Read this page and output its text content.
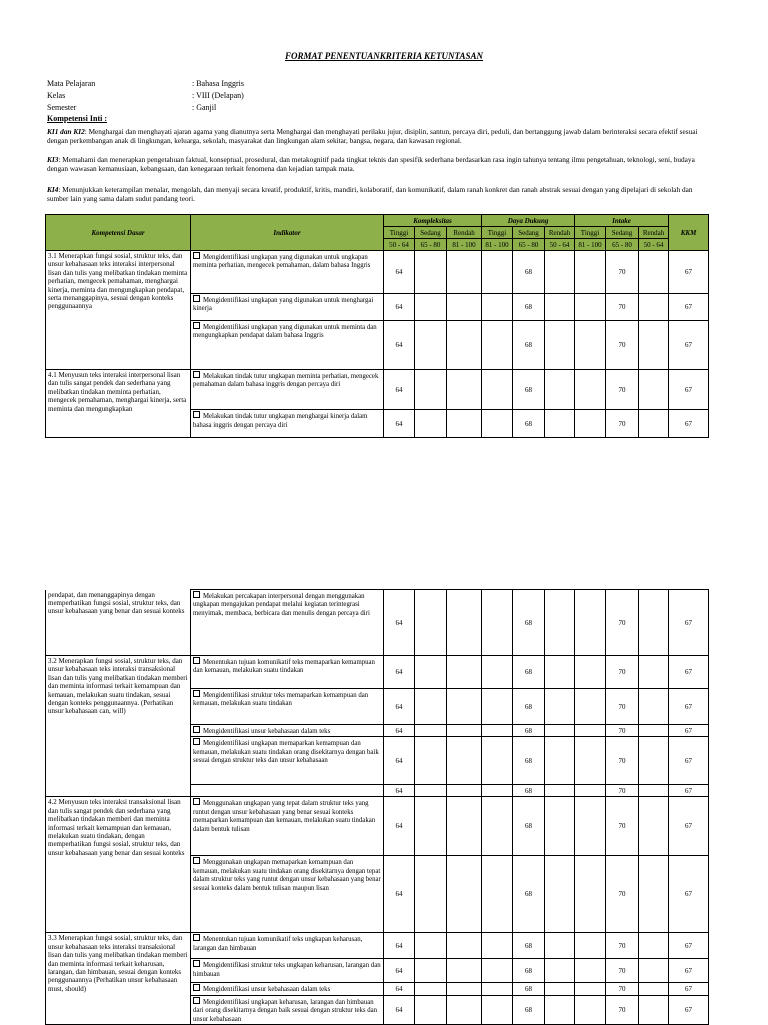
FORMAT PENENTUANKRITERIA KETUNTASAN
Mata Pelajaran	: Bahasa Inggris
Kelas	: VIII (Delapan)
Semester	: Ganjil
Kompetensi Inti :
KI1 dan KI2: Menghargai dan menghayati ajaran agama yang dianutnya serta Menghargai dan menghayati perilaku jujur, disiplin, santun, percaya diri, peduli, dan bertanggung jawab dalam berinteraksi secara efektif sesuai dengan perkembangan anak di lingkungan, keluarga, sekolah, masyarakat dan lingkungan alam sekitar, bangsa, negara, dan kawasan regional.
KI3: Memahami dan menerapkan pengetahuan faktual, konseptual, prosedural, dan metakognitif pada tingkat teknis dan spesifik sederhana berdasarkan rasa ingin tahunya tentang ilmu pengetahuan, teknologi, seni, budaya dengan wawasan kemanusiaan, kebangsaan, dan kenegaraan terkait fenomena dan kejadian tampak mata.
KI4: Menunjukkan keterampilan menalar, mengolah, dan menyaji secara kreatif, produktif, kritis, mandiri, kolaboratif, dan komunikatif, dalam ranah konkret dan ranah abstrak sesuai dengan yang dipelajari di sekolah dan sumber lain yang sama dalam sudut pandang teori.
Kompetensi Dasar	Indikator	Kompleksitas			Daya Dukung			Intake			KKM
		Tinggi	Sedang	Rendah	Tinggi	Sedang	Rendah	Tinggi	Sedang	Rendah	
		50 - 64	65 - 80	81 - 100	81 - 100	65 - 80	50 - 64	81 - 100	65 - 80	50 - 64	
3.1 Menerapkan fungsi sosial, struktur teks, dan unsur kebahasaan teks interaksi interpersonal lisan dan tulis yang melibatkan tindakan meminta perhatian, mengecek pemahaman, menghargai kinerja, meminta dan mengungkapkan pendapat, serta menanggapinya, sesuai dengan konteks penggunaannya	Mengidentifikasi ungkapan yang digunakan untuk ungkapan meminta perhatian, mengecek pemahaman, dalam bahasa Inggris	64				68			70		67
	Mengidentifikasi ungkapan yang digunakan untuk menghargai kinerja	64				68			70		67
	Mengidentifikasi ungkapan yang digunakan untuk meminta dan mengungkapkan pendapat dalam bahasa Inggris	64				68			70		67

4.1 Menyusun teks interaksi interpersonal lisan dan tulis sangat pendek dan sederhana yang melibatkan tindakan meminta perhatian, mengecek pemahaman, menghargai kinerja, serta meminta dan mengungkapkan	Melakukan tindak tutur ungkapan meminta perhatian, mengecek pemahaman dalam bahasa inggris dengan percaya diri	64				68			70		67
	Melakukan tindak tutur ungkapan menghargai kinerja dalam bahasa inggris dengan percaya diri	64				68			70		67
pendapat, dan menanggapinya dengan memperhatikan fungsi sosial, struktur teks, dan unsur kebahasaan yang benar dan sesuai konteks	Melakukan percakapan interpersonal dengan menggunakan ungkapan mengajukan pendapat melalui kegiatan terintegrasi menyimak, membaca, berbicara dan menulis dengan percaya diri	64				68			70		67
3.2 Menerapkan fungsi sosial, struktur teks, dan unsur kebahasaan teks interaksi transaksional lisan dan tulis yang melibatkan tindakan memberi dan meminta informasi terkait kemampuan dan kemauan, melakukan suatu tindakan, sesuai dengan konteks penggunaannya. (Perhatikan unsur kebahasaan can, will)	Menentukan tujuan komunikatif teks memaparkan kemampuan dan kemauan, melakukan suatu tindakan	64				68			70		67
	Mengidentifikasi struktur teks memaparkan kemampuan dan kemauan, melakukan suatu tindakan	64				68			70		67
	Mengidentifikasi unsur kebahasaan dalam teks	64				68			70		67
	Mengidentifikasi ungkapan memaparkan kemampuan dan kemauan, melakukan suatu tindakan orang disekitarnya dengan baik sesuai dengan struktur teks dan unsur kebahasaan	64				68			70		67
		64				68			70		67
4.2 Menyusun teks interaksi transaksional lisan dan tulis sangat pendek dan sederhana yang melibatkan tindakan memberi dan meminta informasi terkait kemampuan dan kemauan, melakukan suatu tindakan, dengan memperhatikan fungsi sosial, struktur teks, dan unsur kebahasaan yang benar dan sesuai konteks	Menggunakan ungkapan yang tepat dalam struktur teks yang runtut dengan unsur kebahasaan yang benar sesuai konteks memaparkan kemampuan dan kemauan, melakukan suatu tindakan dalam bentuk tulisan	64				68			70		67
	Menggunakan ungkapan memaparkan kemampuan dan kemauan, melakukan suatu tindakan orang disekitarnya dengan tepat dalam struktur teks yang runtut dengan unsur kebahasaan yang benar sesuai konteks dalam bentuk tulisan maupun lisan	64				68			70		67

3.3 Menerapkan fungsi sosial, struktur teks, dan unsur kebahasaan teks interaksi transaksional lisan dan tulis yang melibatkan tindakan memberi dan meminta informasi terkait keharusan, larangan, dan himbauan, sesuai dengan konteks penggunaannya (Perhatikan unsur kebahasaan must, should)	Menentukan tujuan komunikatif teks ungkapan keharusan, larangan dan himbauan	64				68			70		67
	Mengidentifikasi struktur teks ungkapan keharusan, larangan dan himbauan	64				68			70		67
	Mengidentifikasi unsur kebahasaan dalam teks	64				68			70		67
	Mengidentifikasi ungkapan keharusan, larangan dan himbauan dari orang disekitarnya dengan baik sesuai dengan struktur teks dan unsur kebahasaan	64				68			70		67
